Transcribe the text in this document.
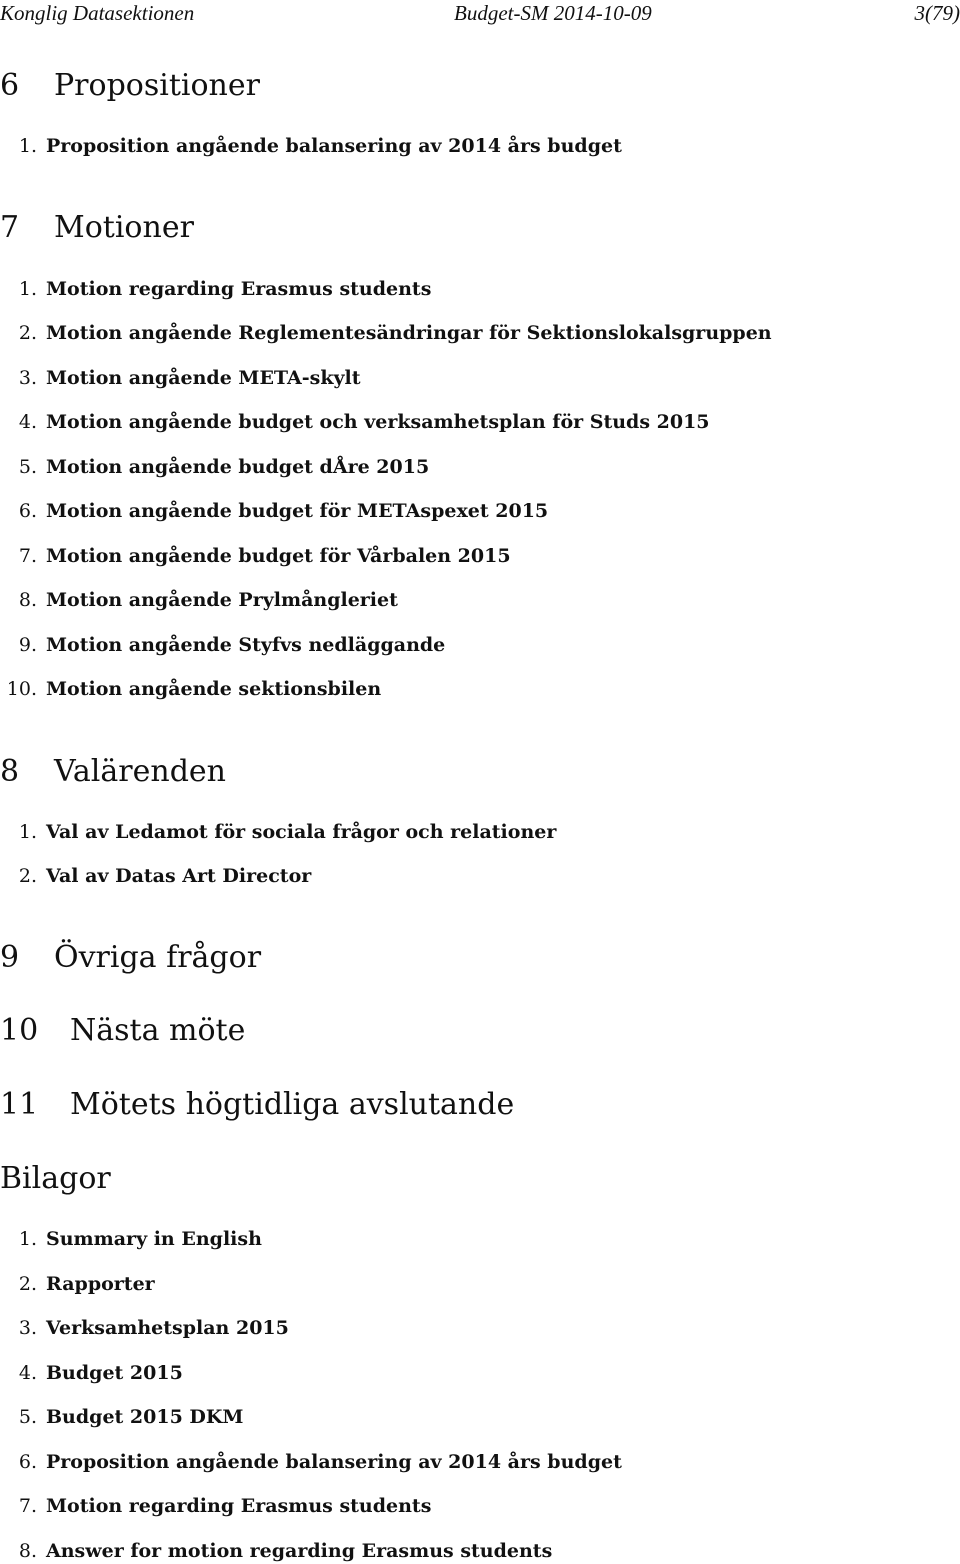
Konglig Datasektionen	Budget-SM 2014-10-09	3(79)
6 Propositioner
1. Proposition angående balansering av 2014 års budget
7 Motioner
1. Motion regarding Erasmus students
2. Motion angående Reglementesändringar för Sektionslokalsgruppen
3. Motion angående META-skylt
4. Motion angående budget och verksamhetsplan för Studs 2015
5. Motion angående budget dÅre 2015
6. Motion angående budget för METAspexet 2015
7. Motion angående budget för Vårbalen 2015
8. Motion angående Prylmångleriet
9. Motion angående Styfvs nedläggande
10. Motion angående sektionsbilen
8 Valärenden
1. Val av Ledamot för sociala frågor och relationer
2. Val av Datas Art Director
9 Övriga frågor
10 Nästa möte
11 Mötets högtidliga avslutande
Bilagor
1. Summary in English
2. Rapporter
3. Verksamhetsplan 2015
4. Budget 2015
5. Budget 2015 DKM
6. Proposition angående balansering av 2014 års budget
7. Motion regarding Erasmus students
8. Answer for motion regarding Erasmus students
